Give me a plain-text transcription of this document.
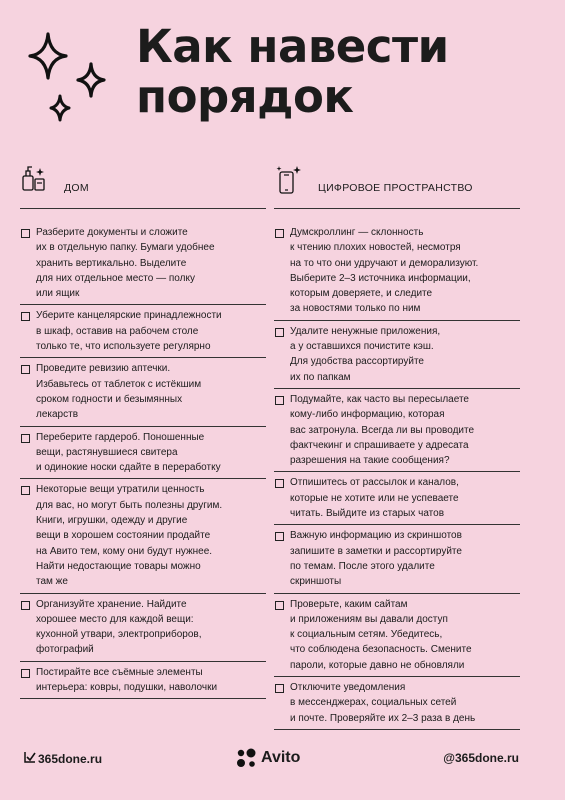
Как навести
порядок
ДОМ
Разберите документы и сложите
их в отдельную папку. Бумаги удобнее
хранить вертикально. Выделите
для них отдельное место — полку
или ящик
Уберите канцелярские принадлежности
в шкаф, оставив на рабочем столе
только те, что используете регулярно
Проведите ревизию аптечки.
Избавьтесь от таблеток с истёкшим
сроком годности и безымянных
лекарств
Переберите гардероб. Поношенные
вещи, растянувшиеся свитера
и одинокие носки сдайте в переработку
Некоторые вещи утратили ценность
для вас, но могут быть полезны другим.
Книги, игрушки, одежду и другие
вещи в хорошем состоянии продайте
на Авито тем, кому они будут нужнее.
Найти недостающие товары можно
там же
Организуйте хранение. Найдите
хорошее место для каждой вещи:
кухонной утвари, электроприборов,
фотографий
Постирайте все съёмные элементы
интерьера: ковры, подушки, наволочки
ЦИФРОВОЕ ПРОСТРАНСТВО
Думскроллинг — склонность
к чтению плохих новостей, несмотря
на то что они удручают и деморализуют.
Выберите 2–3 источника информации,
которым доверяете, и следите
за новостями только по ним
Удалите ненужные приложения,
а у оставшихся почистите кэш.
Для удобства рассортируйте
их по папкам
Подумайте, как часто вы пересылаете
кому-либо информацию, которая
вас затронула. Всегда ли вы проводите
фактчекинг и спрашиваете у адресата
разрешения на такие сообщения?
Отпишитесь от рассылок и каналов,
которые не хотите или не успеваете
читать. Выйдите из старых чатов
Важную информацию из скриншотов
запишите в заметки и рассортируйте
по темам. После этого удалите
скриншоты
Проверьте, каким сайтам
и приложениям вы давали доступ
к социальным сетям. Убедитесь,
что соблюдена безопасность. Смените
пароли, которые давно не обновляли
Отключите уведомления
в мессенджерах, социальных сетей
и почте. Проверяйте их 2–3 раза в день
365done.ru	Avito	@365done.ru
